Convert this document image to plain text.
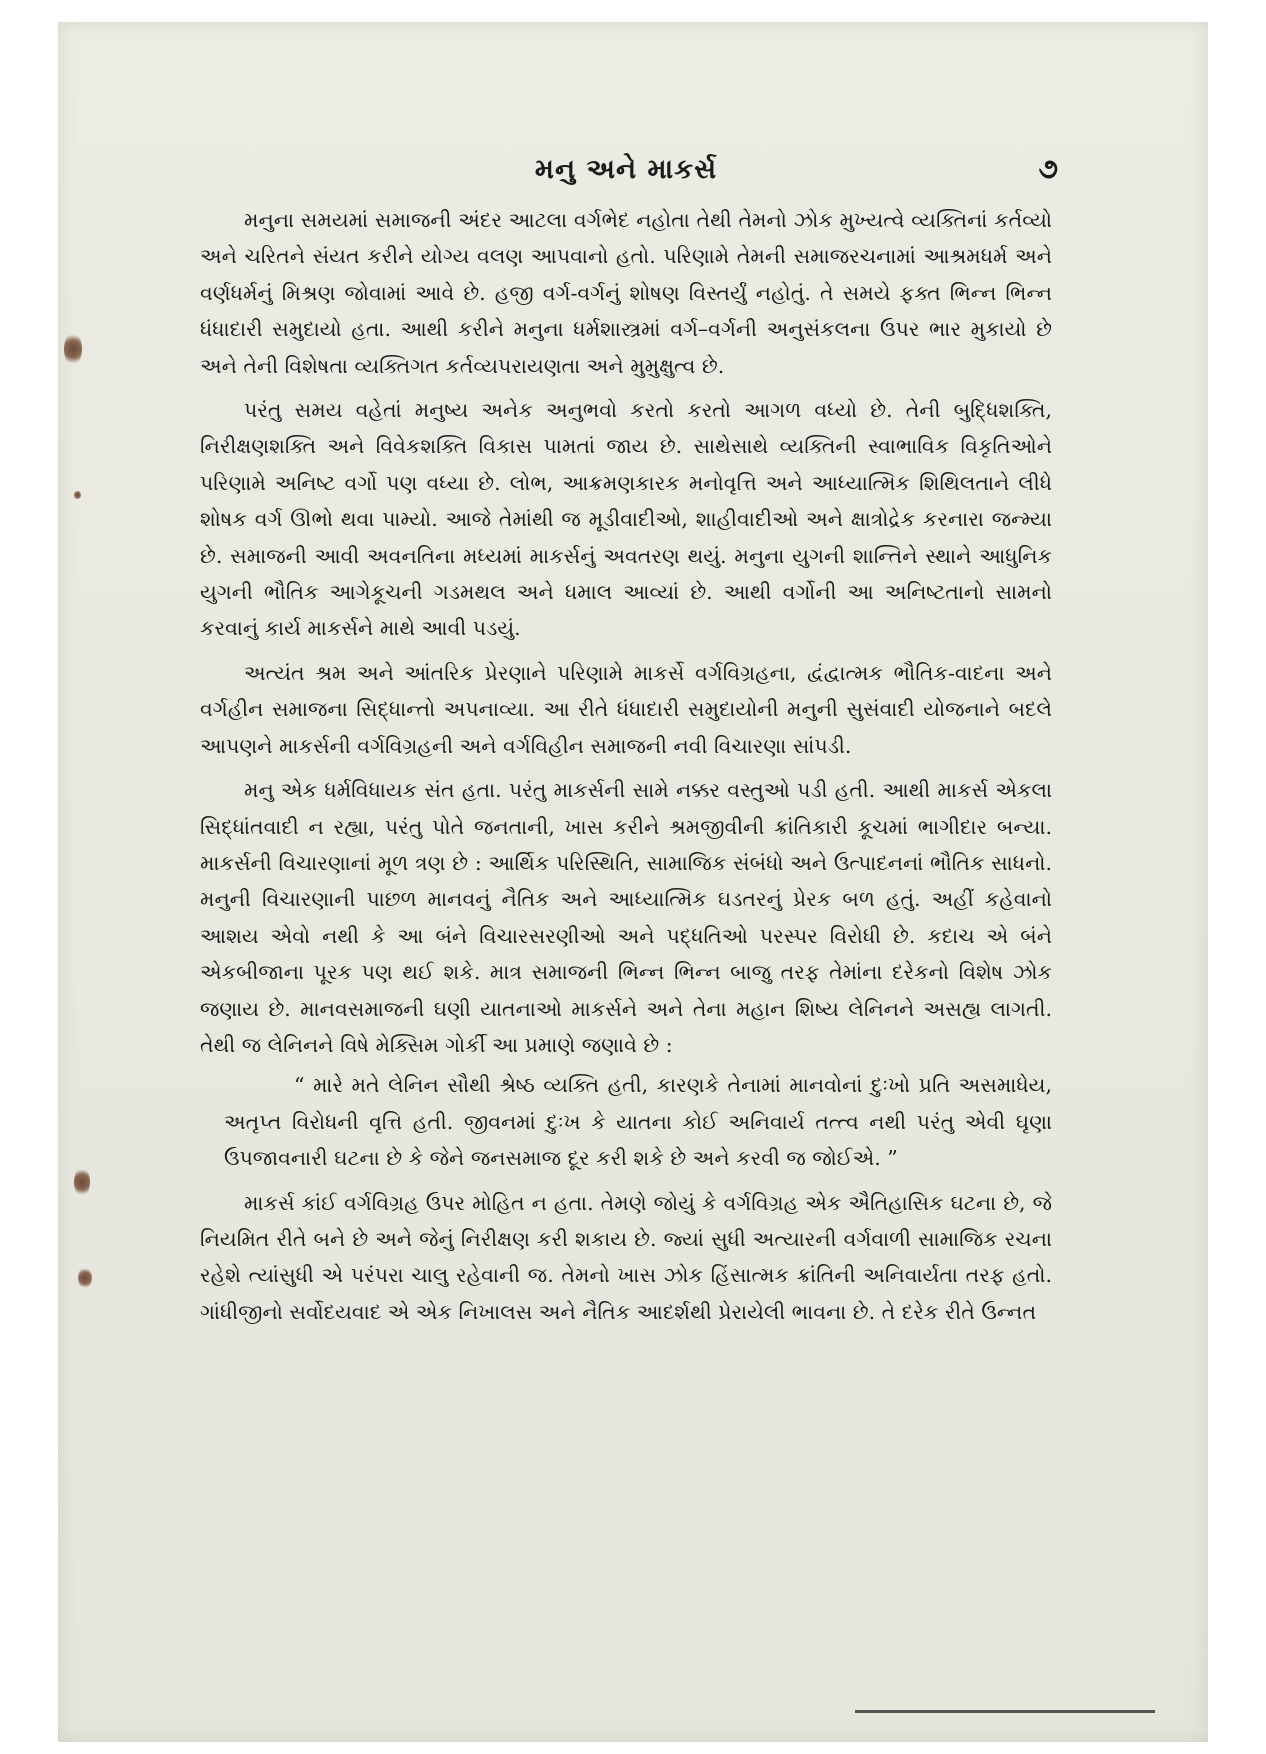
મનુ અને માકર્સ	૭

મનુના સમયમાં સમાજની અંદર આટલા વર્ગભેદ નહોતા તેથી તેમનો ઝોક મુખ્યત્વે વ્યક્તિનાં કર્તવ્યો અને ચરિતને સંયત કરીને યોગ્ય વલણ આપવાનો હતો. પરિણામે તેમની સમાજરચનામાં આશ્રમધર્મ અને વર્ણધર્મનું મિશ્રણ જોવામાં આવે છે. હજી વર્ગ-વર્ગનું શોષણ વિસ્તર્યું નહોતું. તે સમયે ફક્ત ભિન્ન ભિન્ન ધંધાદારી સમુદાયો હતા. આથી કરીને મનુના ધર્મશાસ્ત્રમાં વર્ગ–વર્ગની અનુસંકલના ઉપર ભાર મુકાયો છે અને તેની વિશેષતા વ્યક્તિગત કર્તવ્યપરાયણતા અને મુમુક્ષુત્વ છે.

પરંતુ સમય વહેતાં મનુષ્ય અનેક અનુભવો કરતો કરતો આગળ વધ્યો છે. તેની બુદ્ધિશક્તિ, નિરીક્ષણશક્તિ અને વિવેકશક્તિ વિકાસ પામતાં જાય છે. સાથેસાથે વ્યક્તિની સ્વાભાવિક વિકૃતિઓને પરિણામે અનિષ્ટ વર્ગો પણ વધ્યા છે. લોભ, આક્રમણકારક મનોવૃત્તિ અને આધ્યાત્મિક શિથિલતાને લીધે શોષક વર્ગ ઊભો થવા પામ્યો. આજે તેમાંથી જ મૂડીવાદીઓ, શાહીવાદીઓ અને ક્ષાત્રોદ્રેક કરનારા જન્મ્યા છે. સમાજની આવી અવનતિના મધ્યમાં માકર્સનું અવતરણ થયું. મનુના યુગની શાન્તિને સ્થાને આધુનિક યુગની ભૌતિક આગેકૂચની ગડમથલ અને ધમાલ આવ્યાં છે. આથી વર્ગોની આ અનિષ્ટતાનો સામનો કરવાનું કાર્ય માકર્સને માથે આવી પડયું.

અત્યંત શ્રમ અને આંતરિક પ્રેરણાને પરિણામે માકર્સે વર્ગવિગ્રહના, દ્વંદ્વાત્મક ભૌતિક-વાદના અને વર્ગહીન સમાજના સિદ્ધાન્તો અપનાવ્યા. આ રીતે ધંધાદારી સમુદાયોની મનુની સુસંવાદી યોજનાને બદલે આપણને માકર્સની વર્ગવિગ્રહની અને વર્ગવિહીન સમાજની નવી વિચારણા સાંપડી.

મનુ એક ધર્મવિધાયક સંત હતા. પરંતુ માકર્સની સામે નક્કર વસ્તુઓ પડી હતી. આથી માકર્સ એકલા સિદ્ધાંતવાદી ન રહ્યા, પરંતુ પોતે જનતાની, ખાસ કરીને શ્રમજીવીની ક્રાંતિકારી કૂચમાં ભાગીદાર બન્યા. માકર્સની વિચારણાનાં મૂળ ત્રણ છે : આર્થિક પરિસ્થિતિ, સામાજિક સંબંધો અને ઉત્પાદનનાં ભૌતિક સાધનો. મનુની વિચારણાની પાછળ માનવનું નૈતિક અને આધ્યાત્મિક ઘડતરનું પ્રેરક બળ હતું. અહીં કહેવાનો આશય એવો નથી કે આ બંને વિચારસરણીઓ અને પદ્ધતિઓ પરસ્પર વિરોધી છે. કદાચ એ બંને એકબીજાના પૂરક પણ થઈ શકે. માત્ર સમાજની ભિન્ન ભિન્ન બાજુ તરફ તેમાંના દરેકનો વિશેષ ઝોક જણાય છે. માનવસમાજની ઘણી યાતનાઓ માકર્સને અને તેના મહાન શિષ્ય લેનિનને અસહ્ય લાગતી. તેથી જ લેનિનને વિષે મેક્સિમ ગોર્કી આ પ્રમાણે જણાવે છે :

“ મારે મતે લેનિન સૌથી શ્રેષ્ઠ વ્યક્તિ હતી, કારણકે તેનામાં માનવોનાં દુઃખો પ્રતિ અસમાધેય, અતૃપ્ત વિરોધની વૃત્તિ હતી. જીવનમાં દુઃખ કે યાતના કોઈ અનિવાર્ય તત્ત્વ નથી પરંતુ એવી ઘૃણા ઉપજાવનારી ઘટના છે કે જેને જનસમાજ દૂર કરી શકે છે અને કરવી જ જોઈએ. ”

માકર્સ કાંઈ વર્ગવિગ્રહ ઉપર મોહિત ન હતા. તેમણે જોયું કે વર્ગવિગ્રહ એક ઐતિહાસિક ઘટના છે, જે નિયમિત રીતે બને છે અને જેનું નિરીક્ષણ કરી શકાય છે. જ્યાં સુધી અત્યારની વર્ગવાળી સામાજિક રચના રહેશે ત્યાંસુધી એ પરંપરા ચાલુ રહેવાની જ. તેમનો ખાસ ઝોક હિંસાત્મક ક્રાંતિની અનિવાર્યતા તરફ હતો. ગાંધીજીનો સર્વોદયવાદ એ એક નિખાલસ અને નૈતિક આદર્શથી પ્રેરાયેલી ભાવના છે. તે દરેક રીતે ઉન્નત
